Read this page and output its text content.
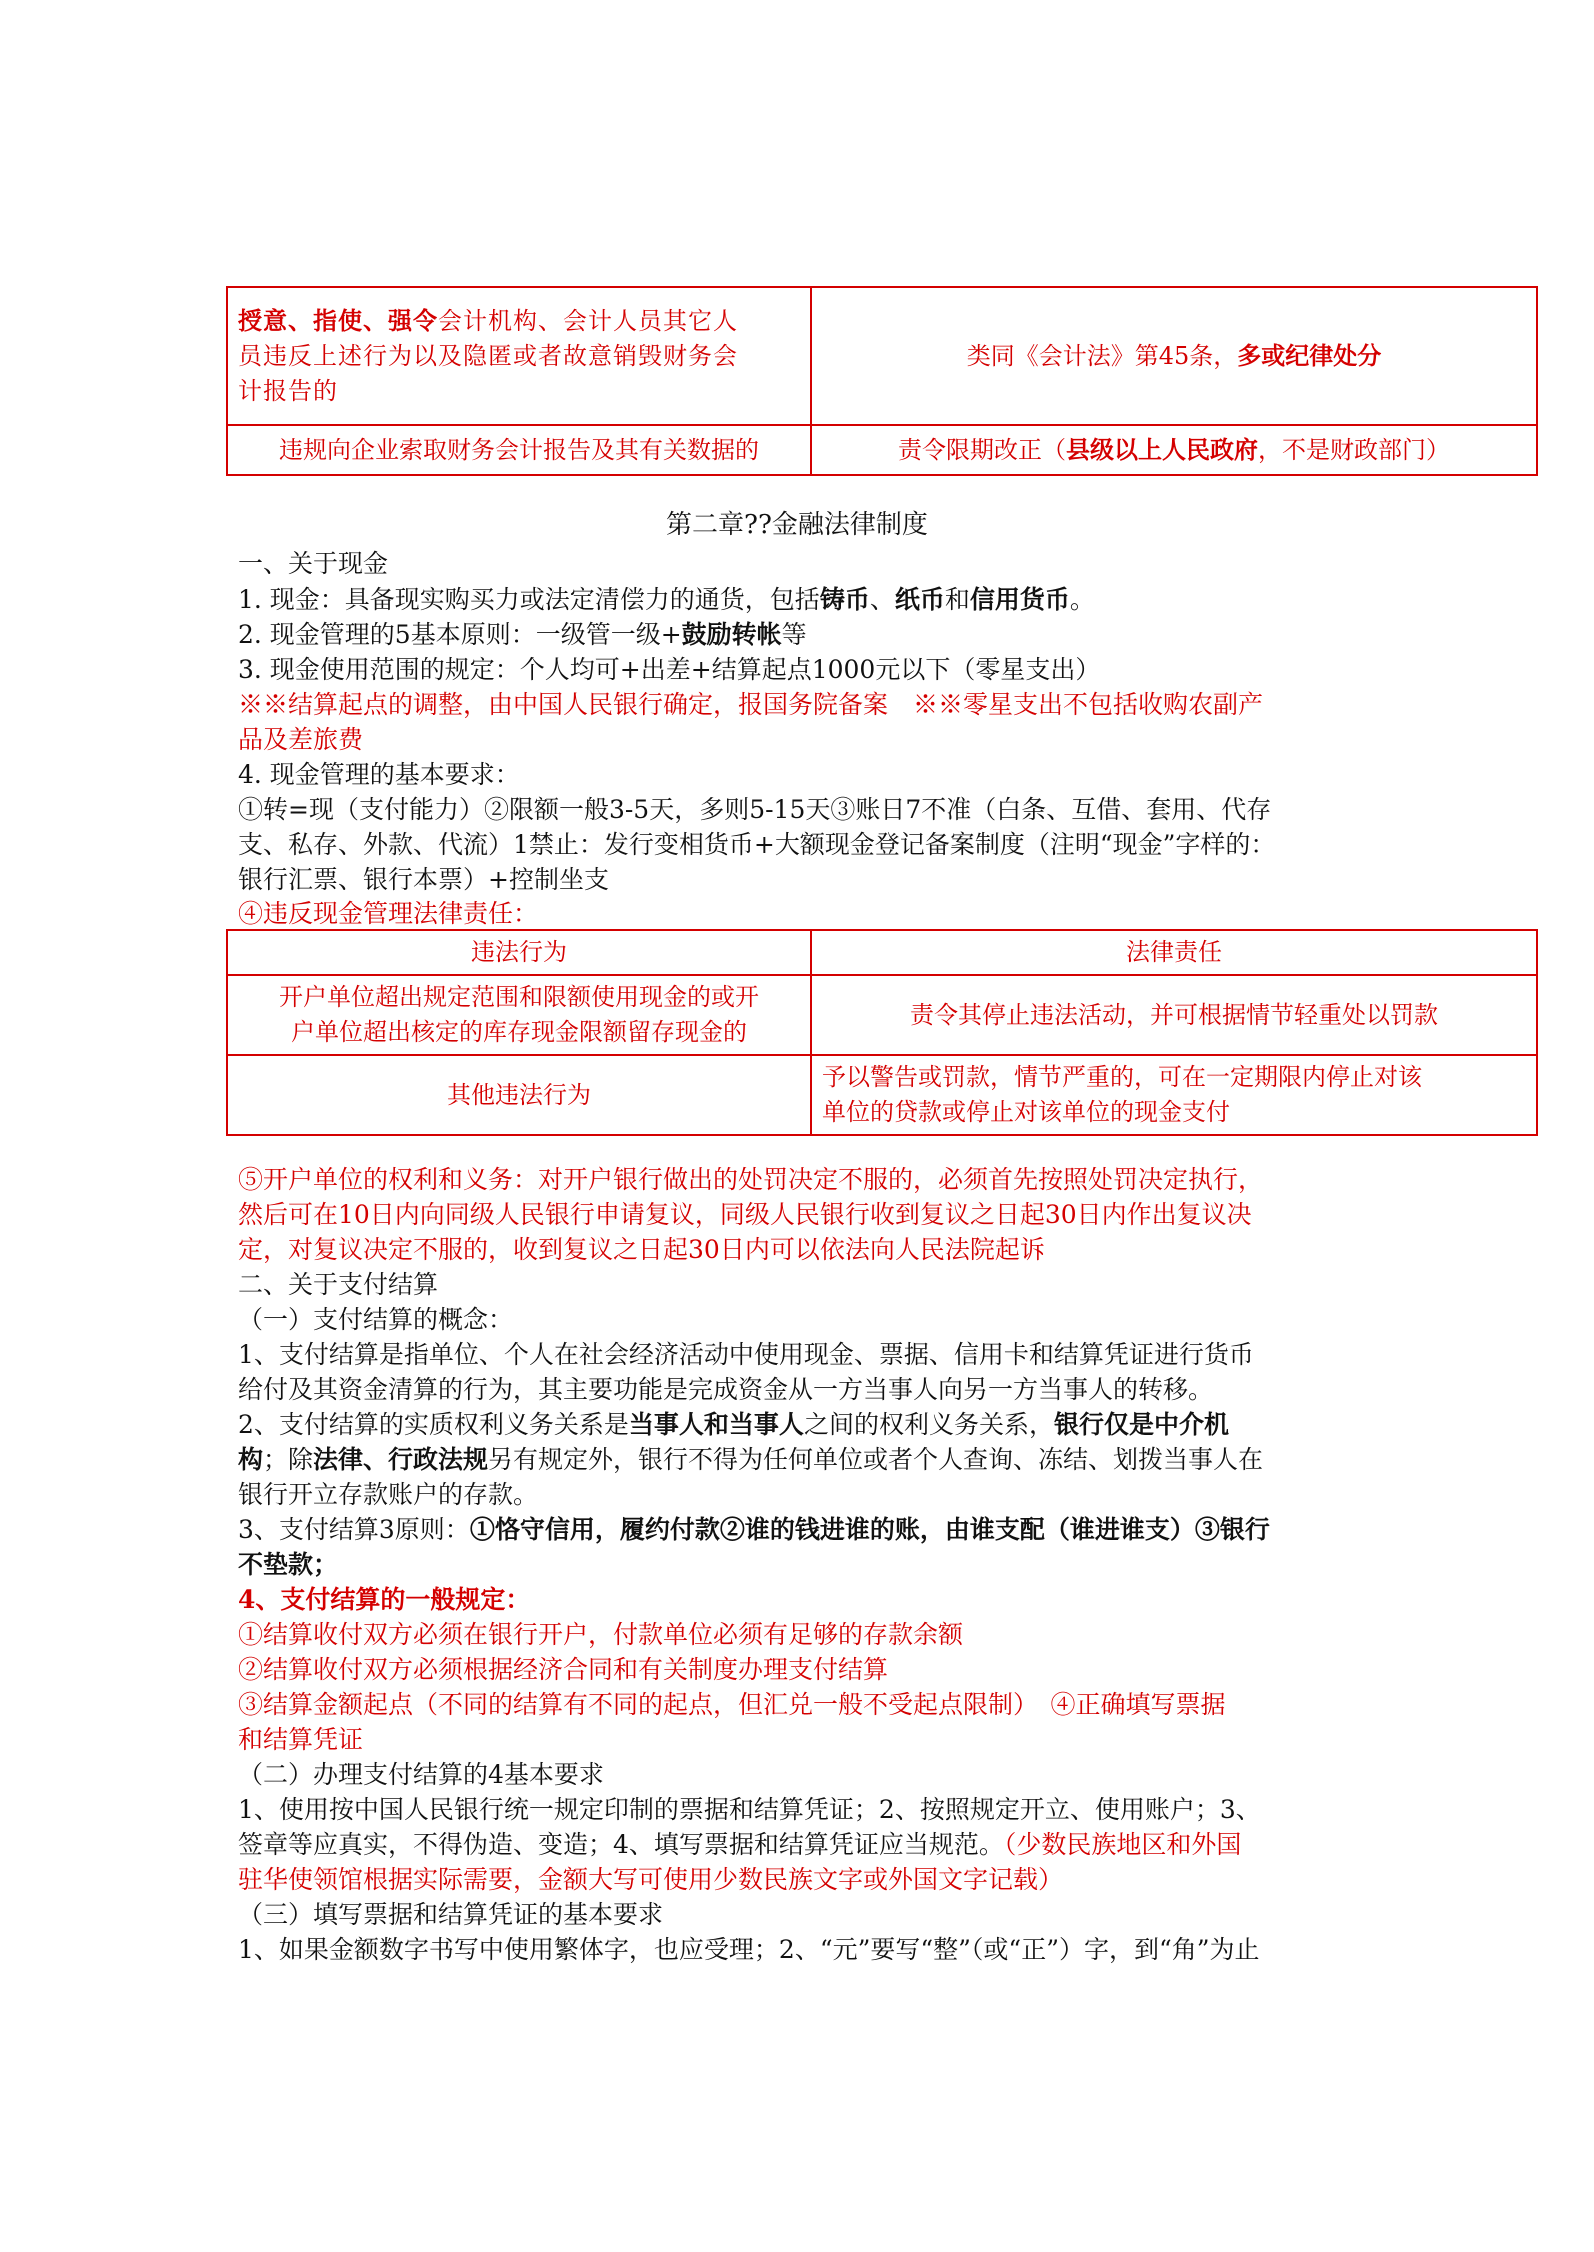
授意、指使、强令会计机构、会计人员其它人
员违反上述行为以及隐匿或者故意销毁财务会
计报告的	类同《会计法》第45条，多或纪律处分
违规向企业索取财务会计报告及其有关数据的	责令限期改正（县级以上人民政府，不是财政部门）
第二章??金融法律制度
一、关于现金
1. 现金：具备现实购买力或法定清偿力的通货，包括铸币、纸币和信用货币。
2. 现金管理的5基本原则：一级管一级+鼓励转帐等
3. 现金使用范围的规定：个人均可+出差+结算起点1000元以下（零星支出）
※※结算起点的调整，由中国人民银行确定，报国务院备案　※※零星支出不包括收购农副产
品及差旅费
4. 现金管理的基本要求：
①转=现（支付能力）②限额一般3-5天，多则5-15天③账日7不准（白条、互借、套用、代存
支、私存、外款、代流）1禁止：发行变相货币+大额现金登记备案制度（注明“现金”字样的：
银行汇票、银行本票）+控制坐支
④违反现金管理法律责任：
违法行为	法律责任
开户单位超出规定范围和限额使用现金的或开
户单位超出核定的库存现金限额留存现金的	责令其停止违法活动，并可根据情节轻重处以罚款
其他违法行为	予以警告或罚款，情节严重的，可在一定期限内停止对该
单位的贷款或停止对该单位的现金支付
⑤开户单位的权利和义务：对开户银行做出的处罚决定不服的，必须首先按照处罚决定执行，
然后可在10日内向同级人民银行申请复议，同级人民银行收到复议之日起30日内作出复议决
定，对复议决定不服的，收到复议之日起30日内可以依法向人民法院起诉
二、关于支付结算
（一）支付结算的概念：
1、支付结算是指单位、个人在社会经济活动中使用现金、票据、信用卡和结算凭证进行货币
给付及其资金清算的行为，其主要功能是完成资金从一方当事人向另一方当事人的转移。
2、支付结算的实质权利义务关系是当事人和当事人之间的权利义务关系，银行仅是中介机
构；除法律、行政法规另有规定外，银行不得为任何单位或者个人查询、冻结、划拨当事人在
银行开立存款账户的存款。
3、支付结算3原则：①恪守信用，履约付款②谁的钱进谁的账，由谁支配（谁进谁支）③银行
不垫款；
4、支付结算的一般规定：
①结算收付双方必须在银行开户，付款单位必须有足够的存款余额
②结算收付双方必须根据经济合同和有关制度办理支付结算
③结算金额起点（不同的结算有不同的起点，但汇兑一般不受起点限制）　④正确填写票据
和结算凭证
（二）办理支付结算的4基本要求
1、使用按中国人民银行统一规定印制的票据和结算凭证；2、按照规定开立、使用账户；3、
签章等应真实，不得伪造、变造；4、填写票据和结算凭证应当规范。（少数民族地区和外国
驻华使领馆根据实际需要，金额大写可使用少数民族文字或外国文字记载）
（三）填写票据和结算凭证的基本要求
1、如果金额数字书写中使用繁体字，也应受理；2、“元”要写“整”（或“正”）字，到“角”为止
